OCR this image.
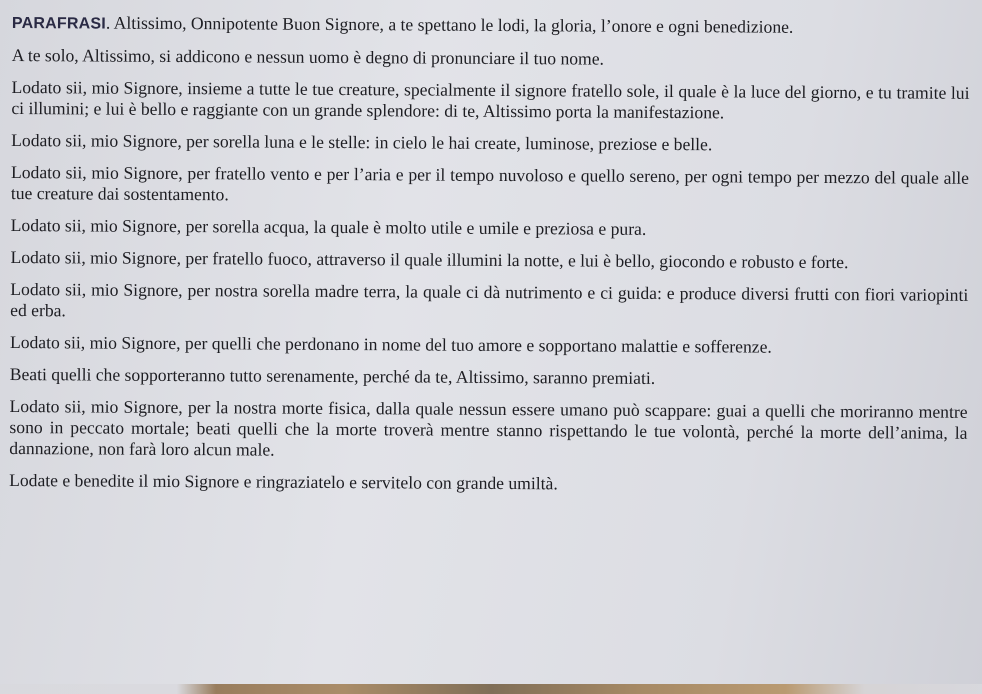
PARAFRASI. Altissimo, Onnipotente Buon Signore, a te spettano le lodi, la gloria, l’onore e ogni benedizione.

A te solo, Altissimo, si addicono e nessun uomo è degno di pronunciare il tuo nome.

Lodato sii, mio Signore, insieme a tutte le tue creature, specialmente il signore fratello sole, il quale è la luce del giorno, e tu tramite lui ci illumini; e lui è bello e raggiante con un grande splendore: di te, Altissimo porta la manifestazione.

Lodato sii, mio Signore, per sorella luna e le stelle: in cielo le hai create, luminose, preziose e belle.

Lodato sii, mio Signore, per fratello vento e per l’aria e per il tempo nuvoloso e quello sereno, per ogni tempo per mezzo del quale alle tue creature dai sostentamento.

Lodato sii, mio Signore, per sorella acqua, la quale è molto utile e umile e preziosa e pura.

Lodato sii, mio Signore, per fratello fuoco, attraverso il quale illumini la notte, e lui è bello, giocondo e robusto e forte.

Lodato sii, mio Signore, per nostra sorella madre terra, la quale ci dà nutrimento e ci guida: e produce diversi frutti con fiori variopinti ed erba.

Lodato sii, mio Signore, per quelli che perdonano in nome del tuo amore e sopportano malattie e sofferenze.

Beati quelli che sopporteranno tutto serenamente, perché da te, Altissimo, saranno premiati.

Lodato sii, mio Signore, per la nostra morte fisica, dalla quale nessun essere umano può scappare: guai a quelli che moriranno mentre sono in peccato mortale; beati quelli che la morte troverà mentre stanno rispettando le tue volontà, perché la morte dell’anima, la dannazione, non farà loro alcun male.

Lodate e benedite il mio Signore e ringraziatelo e servitelo con grande umiltà.
